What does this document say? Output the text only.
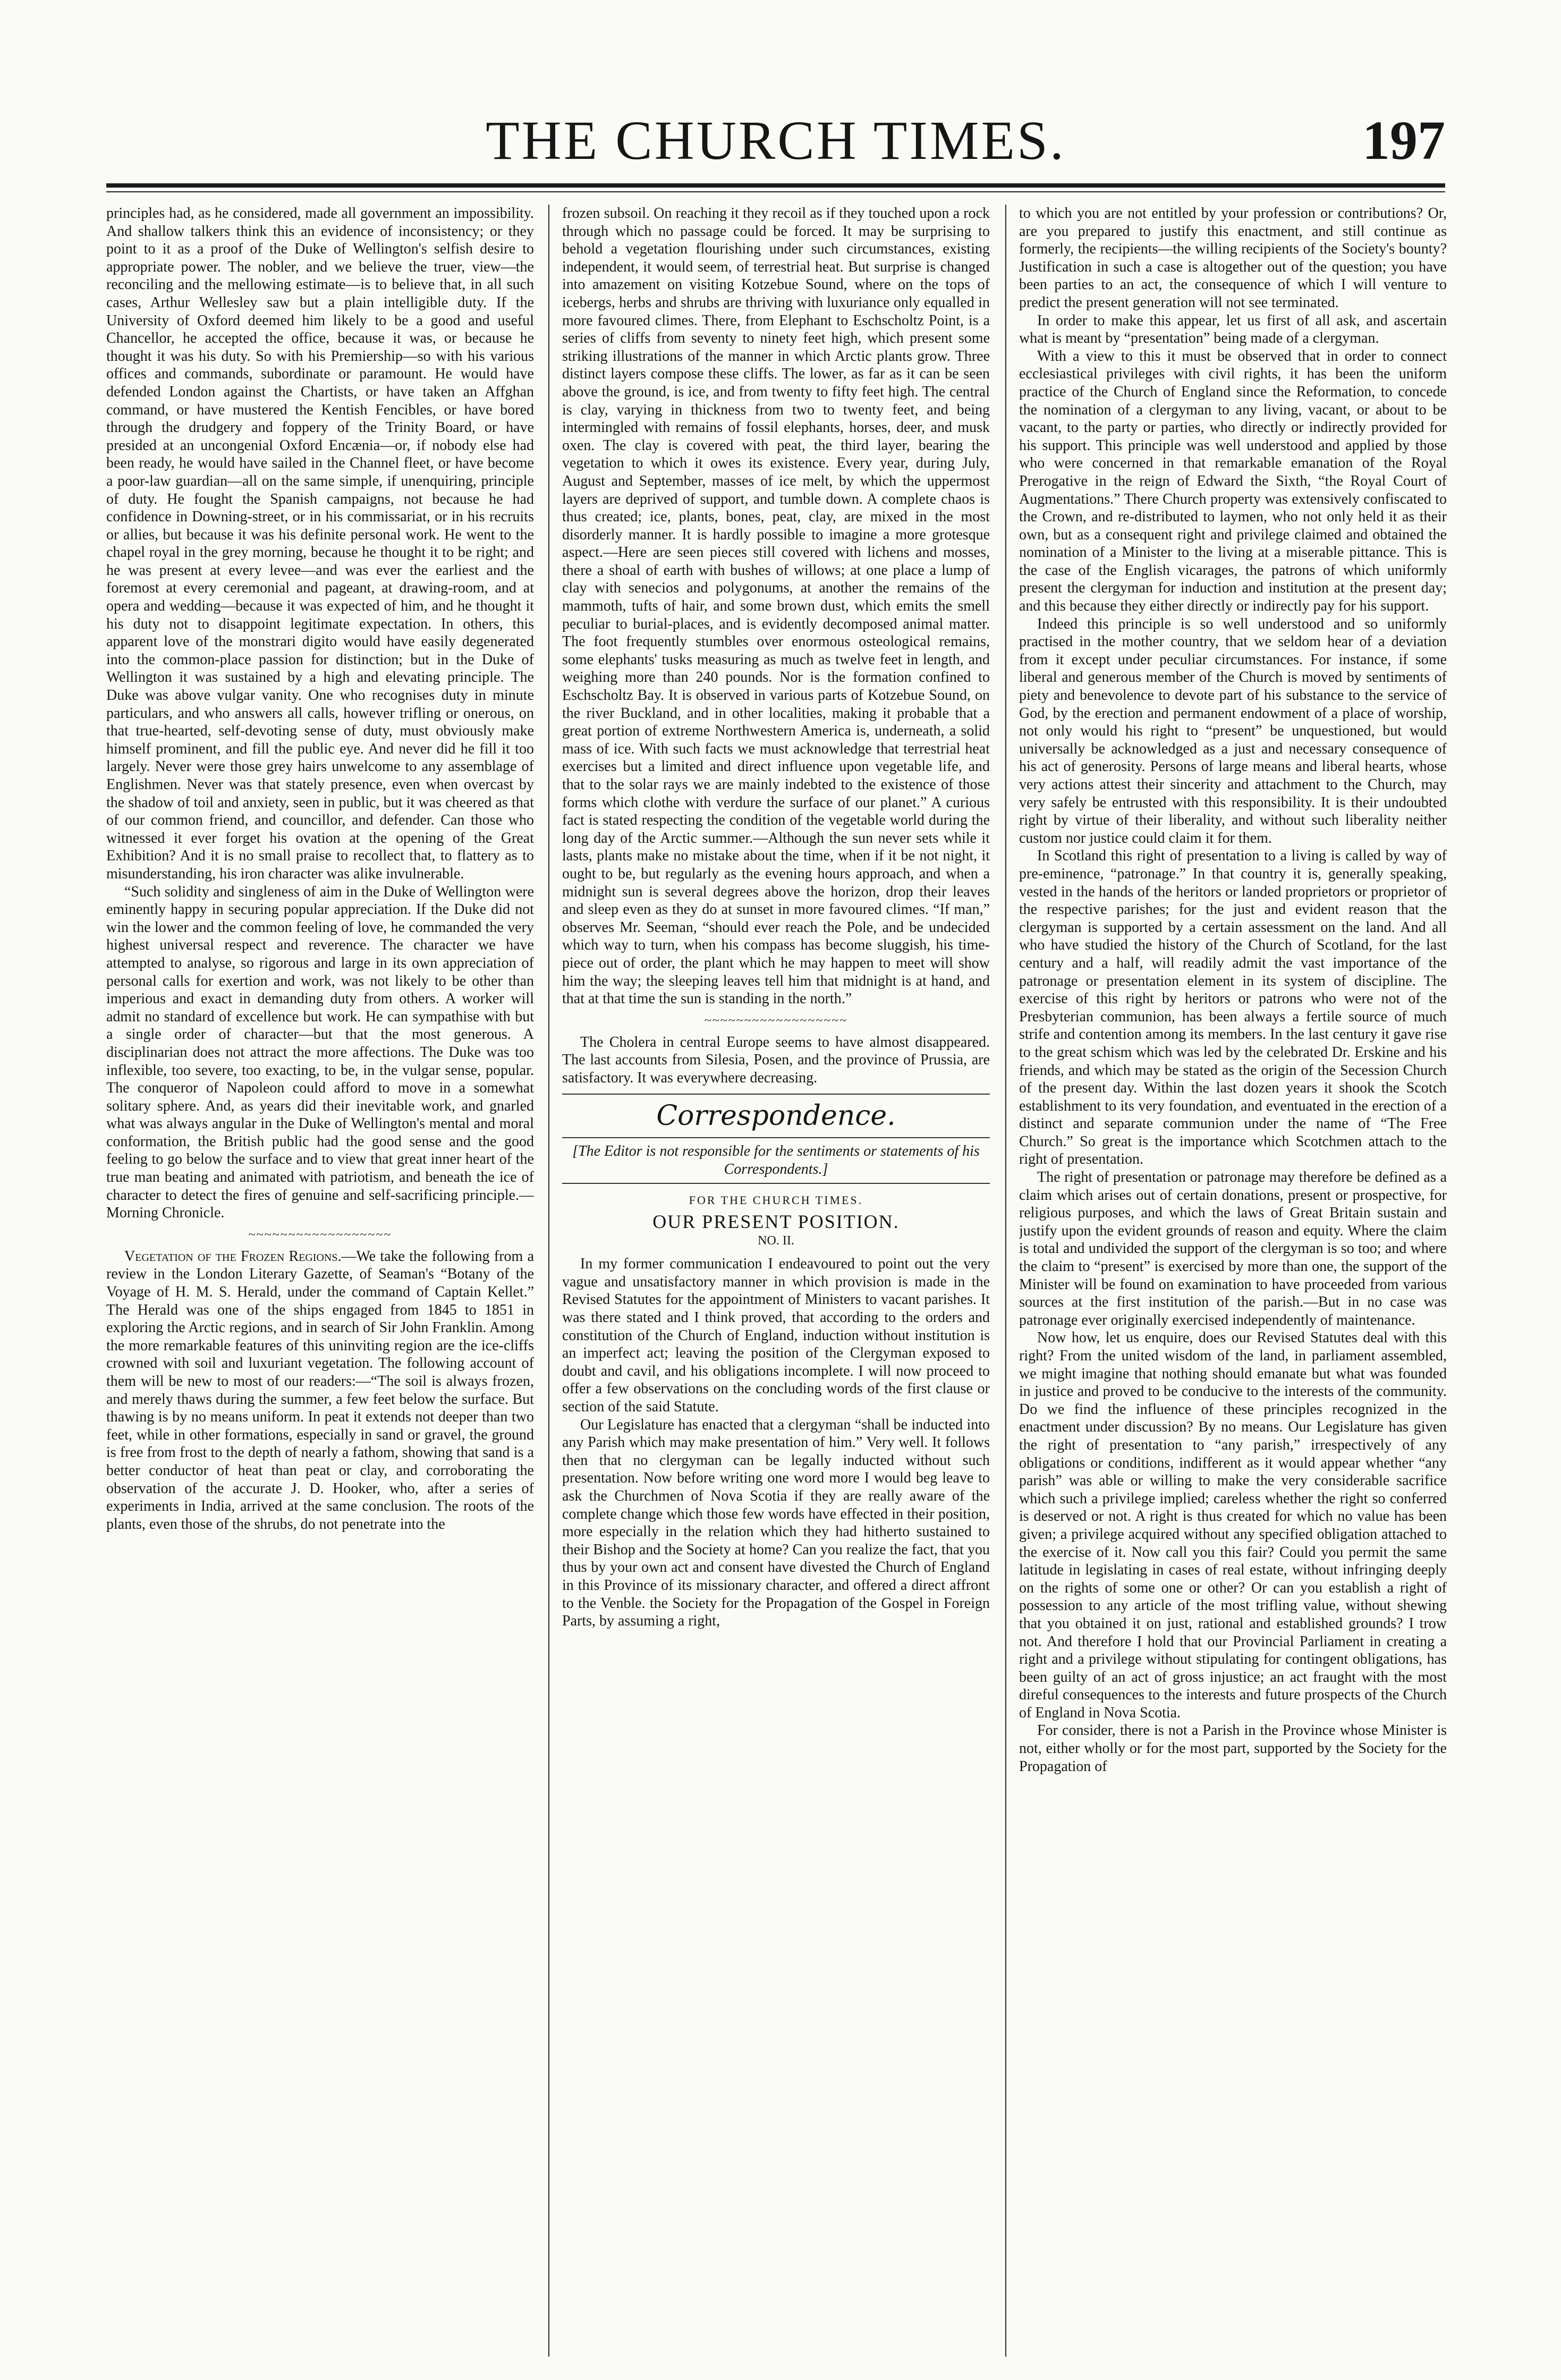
THE CHURCH TIMES.	197

principles had, as he considered, made all government an impossibility. And shallow talkers think this an evidence of inconsistency; or they point to it as a proof of the Duke of Wellington's selfish desire to appropriate power. The nobler, and we believe the truer, view—the reconciling and the mellowing estimate—is to believe that, in all such cases, Arthur Wellesley saw but a plain intelligible duty. If the University of Oxford deemed him likely to be a good and useful Chancellor, he accepted the office, because it was, or because he thought it was his duty. So with his Premiership—so with his various offices and commands, subordinate or paramount. He would have defended London against the Chartists, or have taken an Affghan command, or have mustered the Kentish Fencibles, or have bored through the drudgery and foppery of the Trinity Board, or have presided at an uncongenial Oxford Encænia—or, if nobody else had been ready, he would have sailed in the Channel fleet, or have become a poor-law guardian—all on the same simple, if unenquiring, principle of duty. He fought the Spanish campaigns, not because he had confidence in Downing-street, or in his commissariat, or in his recruits or allies, but because it was his definite personal work. He went to the chapel royal in the grey morning, because he thought it to be right; and he was present at every levee—and was ever the earliest and the foremost at every ceremonial and pageant, at drawing-room, and at opera and wedding—because it was expected of him, and he thought it his duty not to disappoint legitimate expectation. In others, this apparent love of the monstrari digito would have easily degenerated into the common-place passion for distinction; but in the Duke of Wellington it was sustained by a high and elevating principle. The Duke was above vulgar vanity. One who recognises duty in minute particulars, and who answers all calls, however trifling or onerous, on that true-hearted, self-devoting sense of duty, must obviously make himself prominent, and fill the public eye. And never did he fill it too largely. Never were those grey hairs unwelcome to any assemblage of Englishmen. Never was that stately presence, even when overcast by the shadow of toil and anxiety, seen in public, but it was cheered as that of our common friend, and councillor, and defender. Can those who witnessed it ever forget his ovation at the opening of the Great Exhibition? And it is no small praise to recollect that, to flattery as to misunderstanding, his iron character was alike invulnerable.

“Such solidity and singleness of aim in the Duke of Wellington were eminently happy in securing popular appreciation. If the Duke did not win the lower and the common feeling of love, he commanded the very highest universal respect and reverence. The character we have attempted to analyse, so rigorous and large in its own appreciation of personal calls for exertion and work, was not likely to be other than imperious and exact in demanding duty from others. A worker will admit no standard of excellence but work. He can sympathise with but a single order of character—but that the most generous. A disciplinarian does not attract the more affections. The Duke was too inflexible, too severe, too exacting, to be, in the vulgar sense, popular. The conqueror of Napoleon could afford to move in a somewhat solitary sphere. And, as years did their inevitable work, and gnarled what was always angular in the Duke of Wellington's mental and moral conformation, the British public had the good sense and the good feeling to go below the surface and to view that great inner heart of the true man beating and animated with patriotism, and beneath the ice of character to detect the fires of genuine and self-sacrificing principle.—Morning Chronicle.

~~~~~~~~~~~~~~~~~~

Vegetation of the Frozen Regions.—We take the following from a review in the London Literary Gazette, of Seaman's “Botany of the Voyage of H. M. S. Herald, under the command of Captain Kellet.” The Herald was one of the ships engaged from 1845 to 1851 in exploring the Arctic regions, and in search of Sir John Franklin. Among the more remarkable features of this uninviting region are the ice-cliffs crowned with soil and luxuriant vegetation. The following account of them will be new to most of our readers:—“The soil is always frozen, and merely thaws during the summer, a few feet below the surface. But thawing is by no means uniform. In peat it extends not deeper than two feet, while in other formations, especially in sand or gravel, the ground is free from frost to the depth of nearly a fathom, showing that sand is a better conductor of heat than peat or clay, and corroborating the observation of the accurate J. D. Hooker, who, after a series of experiments in India, arrived at the same conclusion. The roots of the plants, even those of the shrubs, do not penetrate into the

frozen subsoil. On reaching it they recoil as if they touched upon a rock through which no passage could be forced. It may be surprising to behold a vegetation flourishing under such circumstances, existing independent, it would seem, of terrestrial heat. But surprise is changed into amazement on visiting Kotzebue Sound, where on the tops of icebergs, herbs and shrubs are thriving with luxuriance only equalled in more favoured climes. There, from Elephant to Eschscholtz Point, is a series of cliffs from seventy to ninety feet high, which present some striking illustrations of the manner in which Arctic plants grow. Three distinct layers compose these cliffs. The lower, as far as it can be seen above the ground, is ice, and from twenty to fifty feet high. The central is clay, varying in thickness from two to twenty feet, and being intermingled with remains of fossil elephants, horses, deer, and musk oxen. The clay is covered with peat, the third layer, bearing the vegetation to which it owes its existence. Every year, during July, August and September, masses of ice melt, by which the uppermost layers are deprived of support, and tumble down. A complete chaos is thus created; ice, plants, bones, peat, clay, are mixed in the most disorderly manner. It is hardly possible to imagine a more grotesque aspect.—Here are seen pieces still covered with lichens and mosses, there a shoal of earth with bushes of willows; at one place a lump of clay with senecios and polygonums, at another the remains of the mammoth, tufts of hair, and some brown dust, which emits the smell peculiar to burial-places, and is evidently decomposed animal matter. The foot frequently stumbles over enormous osteological remains, some elephants' tusks measuring as much as twelve feet in length, and weighing more than 240 pounds. Nor is the formation confined to Eschscholtz Bay. It is observed in various parts of Kotzebue Sound, on the river Buckland, and in other localities, making it probable that a great portion of extreme Northwestern America is, underneath, a solid mass of ice. With such facts we must acknowledge that terrestrial heat exercises but a limited and direct influence upon vegetable life, and that to the solar rays we are mainly indebted to the existence of those forms which clothe with verdure the surface of our planet.” A curious fact is stated respecting the condition of the vegetable world during the long day of the Arctic summer.—Although the sun never sets while it lasts, plants make no mistake about the time, when if it be not night, it ought to be, but regularly as the evening hours approach, and when a midnight sun is several degrees above the horizon, drop their leaves and sleep even as they do at sunset in more favoured climes. “If man,” observes Mr. Seeman, “should ever reach the Pole, and be undecided which way to turn, when his compass has become sluggish, his time-piece out of order, the plant which he may happen to meet will show him the way; the sleeping leaves tell him that midnight is at hand, and that at that time the sun is standing in the north.”

~~~~~~~~~~~~~~~~~~

The Cholera in central Europe seems to have almost disappeared. The last accounts from Silesia, Posen, and the province of Prussia, are satisfactory. It was everywhere decreasing.

Correspondence.
[The Editor is not responsible for the sentiments or statements of his Correspondents.]
FOR THE CHURCH TIMES.
OUR PRESENT POSITION.
NO. II.

In my former communication I endeavoured to point out the very vague and unsatisfactory manner in which provision is made in the Revised Statutes for the appointment of Ministers to vacant parishes. It was there stated and I think proved, that according to the orders and constitution of the Church of England, induction without institution is an imperfect act; leaving the position of the Clergyman exposed to doubt and cavil, and his obligations incomplete. I will now proceed to offer a few observations on the concluding words of the first clause or section of the said Statute.

Our Legislature has enacted that a clergyman “shall be inducted into any Parish which may make presentation of him.” Very well. It follows then that no clergyman can be legally inducted without such presentation. Now before writing one word more I would beg leave to ask the Churchmen of Nova Scotia if they are really aware of the complete change which those few words have effected in their position, more especially in the relation which they had hitherto sustained to their Bishop and the Society at home? Can you realize the fact, that you thus by your own act and consent have divested the Church of England in this Province of its missionary character, and offered a direct affront to the Venble. the Society for the Propagation of the Gospel in Foreign Parts, by assuming a right,

to which you are not entitled by your profession or contributions? Or, are you prepared to justify this enactment, and still continue as formerly, the recipients—the willing recipients of the Society's bounty? Justification in such a case is altogether out of the question; you have been parties to an act, the consequence of which I will venture to predict the present generation will not see terminated.

In order to make this appear, let us first of all ask, and ascertain what is meant by “presentation” being made of a clergyman.

With a view to this it must be observed that in order to connect ecclesiastical privileges with civil rights, it has been the uniform practice of the Church of England since the Reformation, to concede the nomination of a clergyman to any living, vacant, or about to be vacant, to the party or parties, who directly or indirectly provided for his support. This principle was well understood and applied by those who were concerned in that remarkable emanation of the Royal Prerogative in the reign of Edward the Sixth, “the Royal Court of Augmentations.” There Church property was extensively confiscated to the Crown, and re-distributed to laymen, who not only held it as their own, but as a consequent right and privilege claimed and obtained the nomination of a Minister to the living at a miserable pittance. This is the case of the English vicarages, the patrons of which uniformly present the clergyman for induction and institution at the present day; and this because they either directly or indirectly pay for his support.

Indeed this principle is so well understood and so uniformly practised in the mother country, that we seldom hear of a deviation from it except under peculiar circumstances. For instance, if some liberal and generous member of the Church is moved by sentiments of piety and benevolence to devote part of his substance to the service of God, by the erection and permanent endowment of a place of worship, not only would his right to “present” be unquestioned, but would universally be acknowledged as a just and necessary consequence of his act of generosity. Persons of large means and liberal hearts, whose very actions attest their sincerity and attachment to the Church, may very safely be entrusted with this responsibility. It is their undoubted right by virtue of their liberality, and without such liberality neither custom nor justice could claim it for them.

In Scotland this right of presentation to a living is called by way of pre-eminence, “patronage.” In that country it is, generally speaking, vested in the hands of the heritors or landed proprietors or proprietor of the respective parishes; for the just and evident reason that the clergyman is supported by a certain assessment on the land. And all who have studied the history of the Church of Scotland, for the last century and a half, will readily admit the vast importance of the patronage or presentation element in its system of discipline. The exercise of this right by heritors or patrons who were not of the Presbyterian communion, has been always a fertile source of much strife and contention among its members. In the last century it gave rise to the great schism which was led by the celebrated Dr. Erskine and his friends, and which may be stated as the origin of the Secession Church of the present day. Within the last dozen years it shook the Scotch establishment to its very foundation, and eventuated in the erection of a distinct and separate communion under the name of “The Free Church.” So great is the importance which Scotchmen attach to the right of presentation.

The right of presentation or patronage may therefore be defined as a claim which arises out of certain donations, present or prospective, for religious purposes, and which the laws of Great Britain sustain and justify upon the evident grounds of reason and equity. Where the claim is total and undivided the support of the clergyman is so too; and where the claim to “present” is exercised by more than one, the support of the Minister will be found on examination to have proceeded from various sources at the first institution of the parish.—But in no case was patronage ever originally exercised independently of maintenance.

Now how, let us enquire, does our Revised Statutes deal with this right? From the united wisdom of the land, in parliament assembled, we might imagine that nothing should emanate but what was founded in justice and proved to be conducive to the interests of the community. Do we find the influence of these principles recognized in the enactment under discussion? By no means. Our Legislature has given the right of presentation to “any parish,” irrespectively of any obligations or conditions, indifferent as it would appear whether “any parish” was able or willing to make the very considerable sacrifice which such a privilege implied; careless whether the right so conferred is deserved or not. A right is thus created for which no value has been given; a privilege acquired without any specified obligation attached to the exercise of it. Now call you this fair? Could you permit the same latitude in legislating in cases of real estate, without infringing deeply on the rights of some one or other? Or can you establish a right of possession to any article of the most trifling value, without shewing that you obtained it on just, rational and established grounds? I trow not. And therefore I hold that our Provincial Parliament in creating a right and a privilege without stipulating for contingent obligations, has been guilty of an act of gross injustice; an act fraught with the most direful consequences to the interests and future prospects of the Church of England in Nova Scotia.

For consider, there is not a Parish in the Province whose Minister is not, either wholly or for the most part, supported by the Society for the Propagation of
